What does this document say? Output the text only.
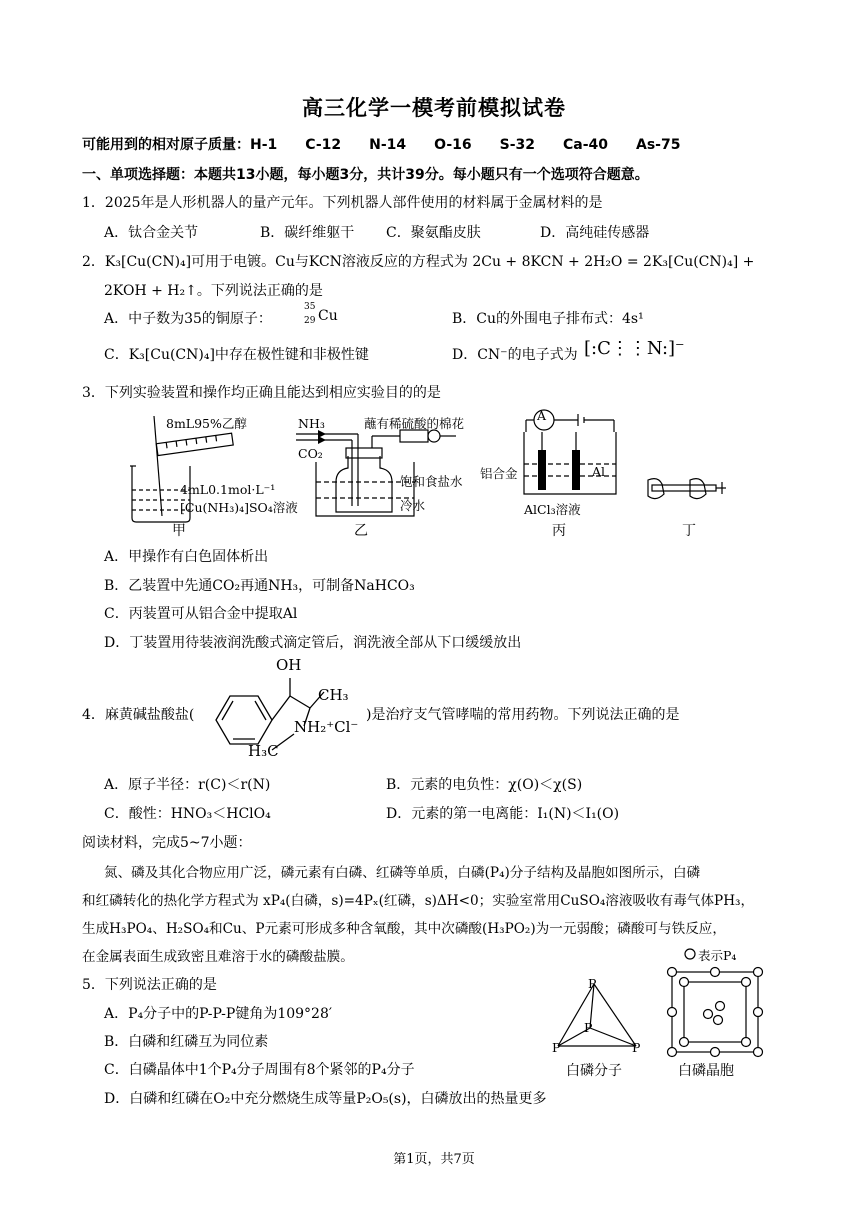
高三化学一模考前模拟试卷
可能用到的相对原子质量：H-1　　C-12　　N-14　　O-16　　S-32　　Ca-40　　As-75
一、单项选择题：本题共13小题，每小题3分，共计39分。每小题只有一个选项符合题意。
1．2025年是人形机器人的量产元年。下列机器人部件使用的材料属于金属材料的是
A．钛合金关节	B．碳纤维躯干 C．聚氨酯皮肤	D．高纯硅传感器
2．K₃[Cu(CN)₄]可用于电镀。Cu与KCN溶液反应的方程式为 2Cu + 8KCN + 2H₂O = 2K₃[Cu(CN)₄] +
2KOH + H₂↑。下列说法正确的是
A．中子数为35的铜原子：
35
29 Cu	B．Cu的外围电子排布式：4s¹
C．K₃[Cu(CN)₄]中存在极性键和非极性键	D．CN⁻的电子式为 [:C⋮⋮N:]⁻
3．下列实验装置和操作均正确且能达到相应实验目的的是
8mL95%乙醇
4mL0.1mol·L⁻¹
[Cu(NH₃)₄]SO₄溶液
甲
NH₃
CO₂
蘸有稀硫酸的棉花
饱和食盐水
冷水
乙
A
铝合金	Al
AlCl₃溶液
丙	丁
A．甲操作有白色固体析出
B．乙装置中先通CO₂再通NH₃，可制备NaHCO₃
C．丙装置可从铝合金中提取Al
D．丁装置用待装液润洗酸式滴定管后，润洗液全部从下口缓缓放出
4．麻黄碱盐酸盐(
OH
CH₃
NH₂⁺Cl⁻
H₃C
)是治疗支气管哮喘的常用药物。下列说法正确的是
A．原子半径：r(C)＜r(N)	B．元素的电负性：χ(O)＜χ(S)
C．酸性：HNO₃＜HClO₄	D．元素的第一电离能：I₁(N)＜I₁(O)
阅读材料，完成5~7小题：
氮、磷及其化合物应用广泛，磷元素有白磷、红磷等单质，白磷(P₄)分子结构及晶胞如图所示，白磷
和红磷转化的热化学方程式为 xP₄(白磷，s)=4Pₓ(红磷，s)ΔH<0；实验室常用CuSO₄溶液吸收有毒气体PH₃，
生成H₃PO₄、H₂SO₄和Cu、P元素可形成多种含氧酸，其中次磷酸(H₃PO₂)为一元弱酸；磷酸可与铁反应，
在金属表面生成致密且难溶于水的磷酸盐膜。
5．下列说法正确的是
A．P₄分子中的P-P-P键角为109°28′
B．白磷和红磷互为同位素
C．白磷晶体中1个P₄分子周围有8个紧邻的P₄分子
D．白磷和红磷在O₂中充分燃烧生成等量P₂O₅(s)，白磷放出的热量更多
P
P
P	P
白磷分子
表示P₄
白磷晶胞
第1页，共7页
